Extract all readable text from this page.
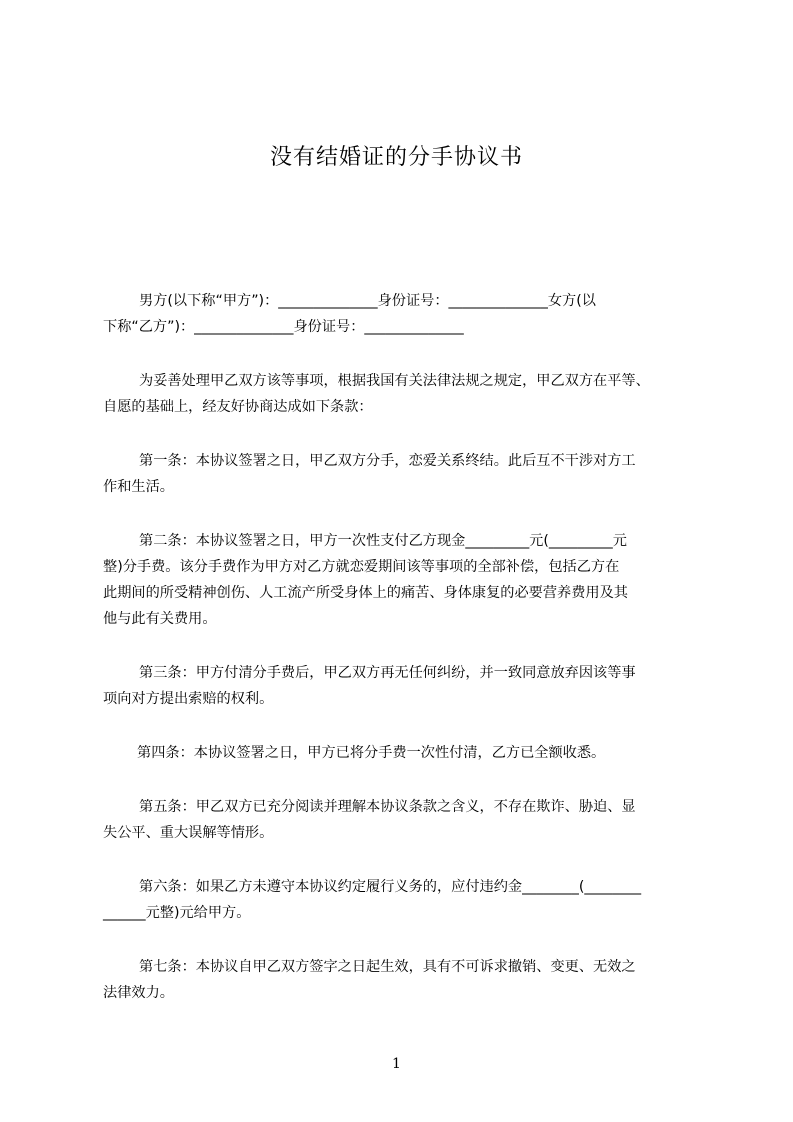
没有结婚证的分手协议书
男方(以下称“甲方”)：______________身份证号：______________女方(以
下称“乙方”)：______________身份证号：______________
为妥善处理甲乙双方该等事项，根据我国有关法律法规之规定，甲乙双方在平等、
自愿的基础上，经友好协商达成如下条款：
第一条：本协议签署之日，甲乙双方分手，恋爱关系终结。此后互不干涉对方工
作和生活。
第二条：本协议签署之日，甲方一次性支付乙方现金_________元(_________元
整)分手费。该分手费作为甲方对乙方就恋爱期间该等事项的全部补偿，包括乙方在
此期间的所受精神创伤、人工流产所受身体上的痛苦、身体康复的必要营养费用及其
他与此有关费用。
第三条：甲方付清分手费后，甲乙双方再无任何纠纷，并一致同意放弃因该等事
项向对方提出索赔的权利。
第四条：本协议签署之日，甲方已将分手费一次性付清，乙方已全额收悉。
第五条：甲乙双方已充分阅读并理解本协议条款之含义，不存在欺诈、胁迫、显
失公平、重大误解等情形。
第六条：如果乙方未遵守本协议约定履行义务的，应付违约金________(________
______元整)元给甲方。
第七条：本协议自甲乙双方签字之日起生效，具有不可诉求撤销、变更、无效之
法律效力。
1
